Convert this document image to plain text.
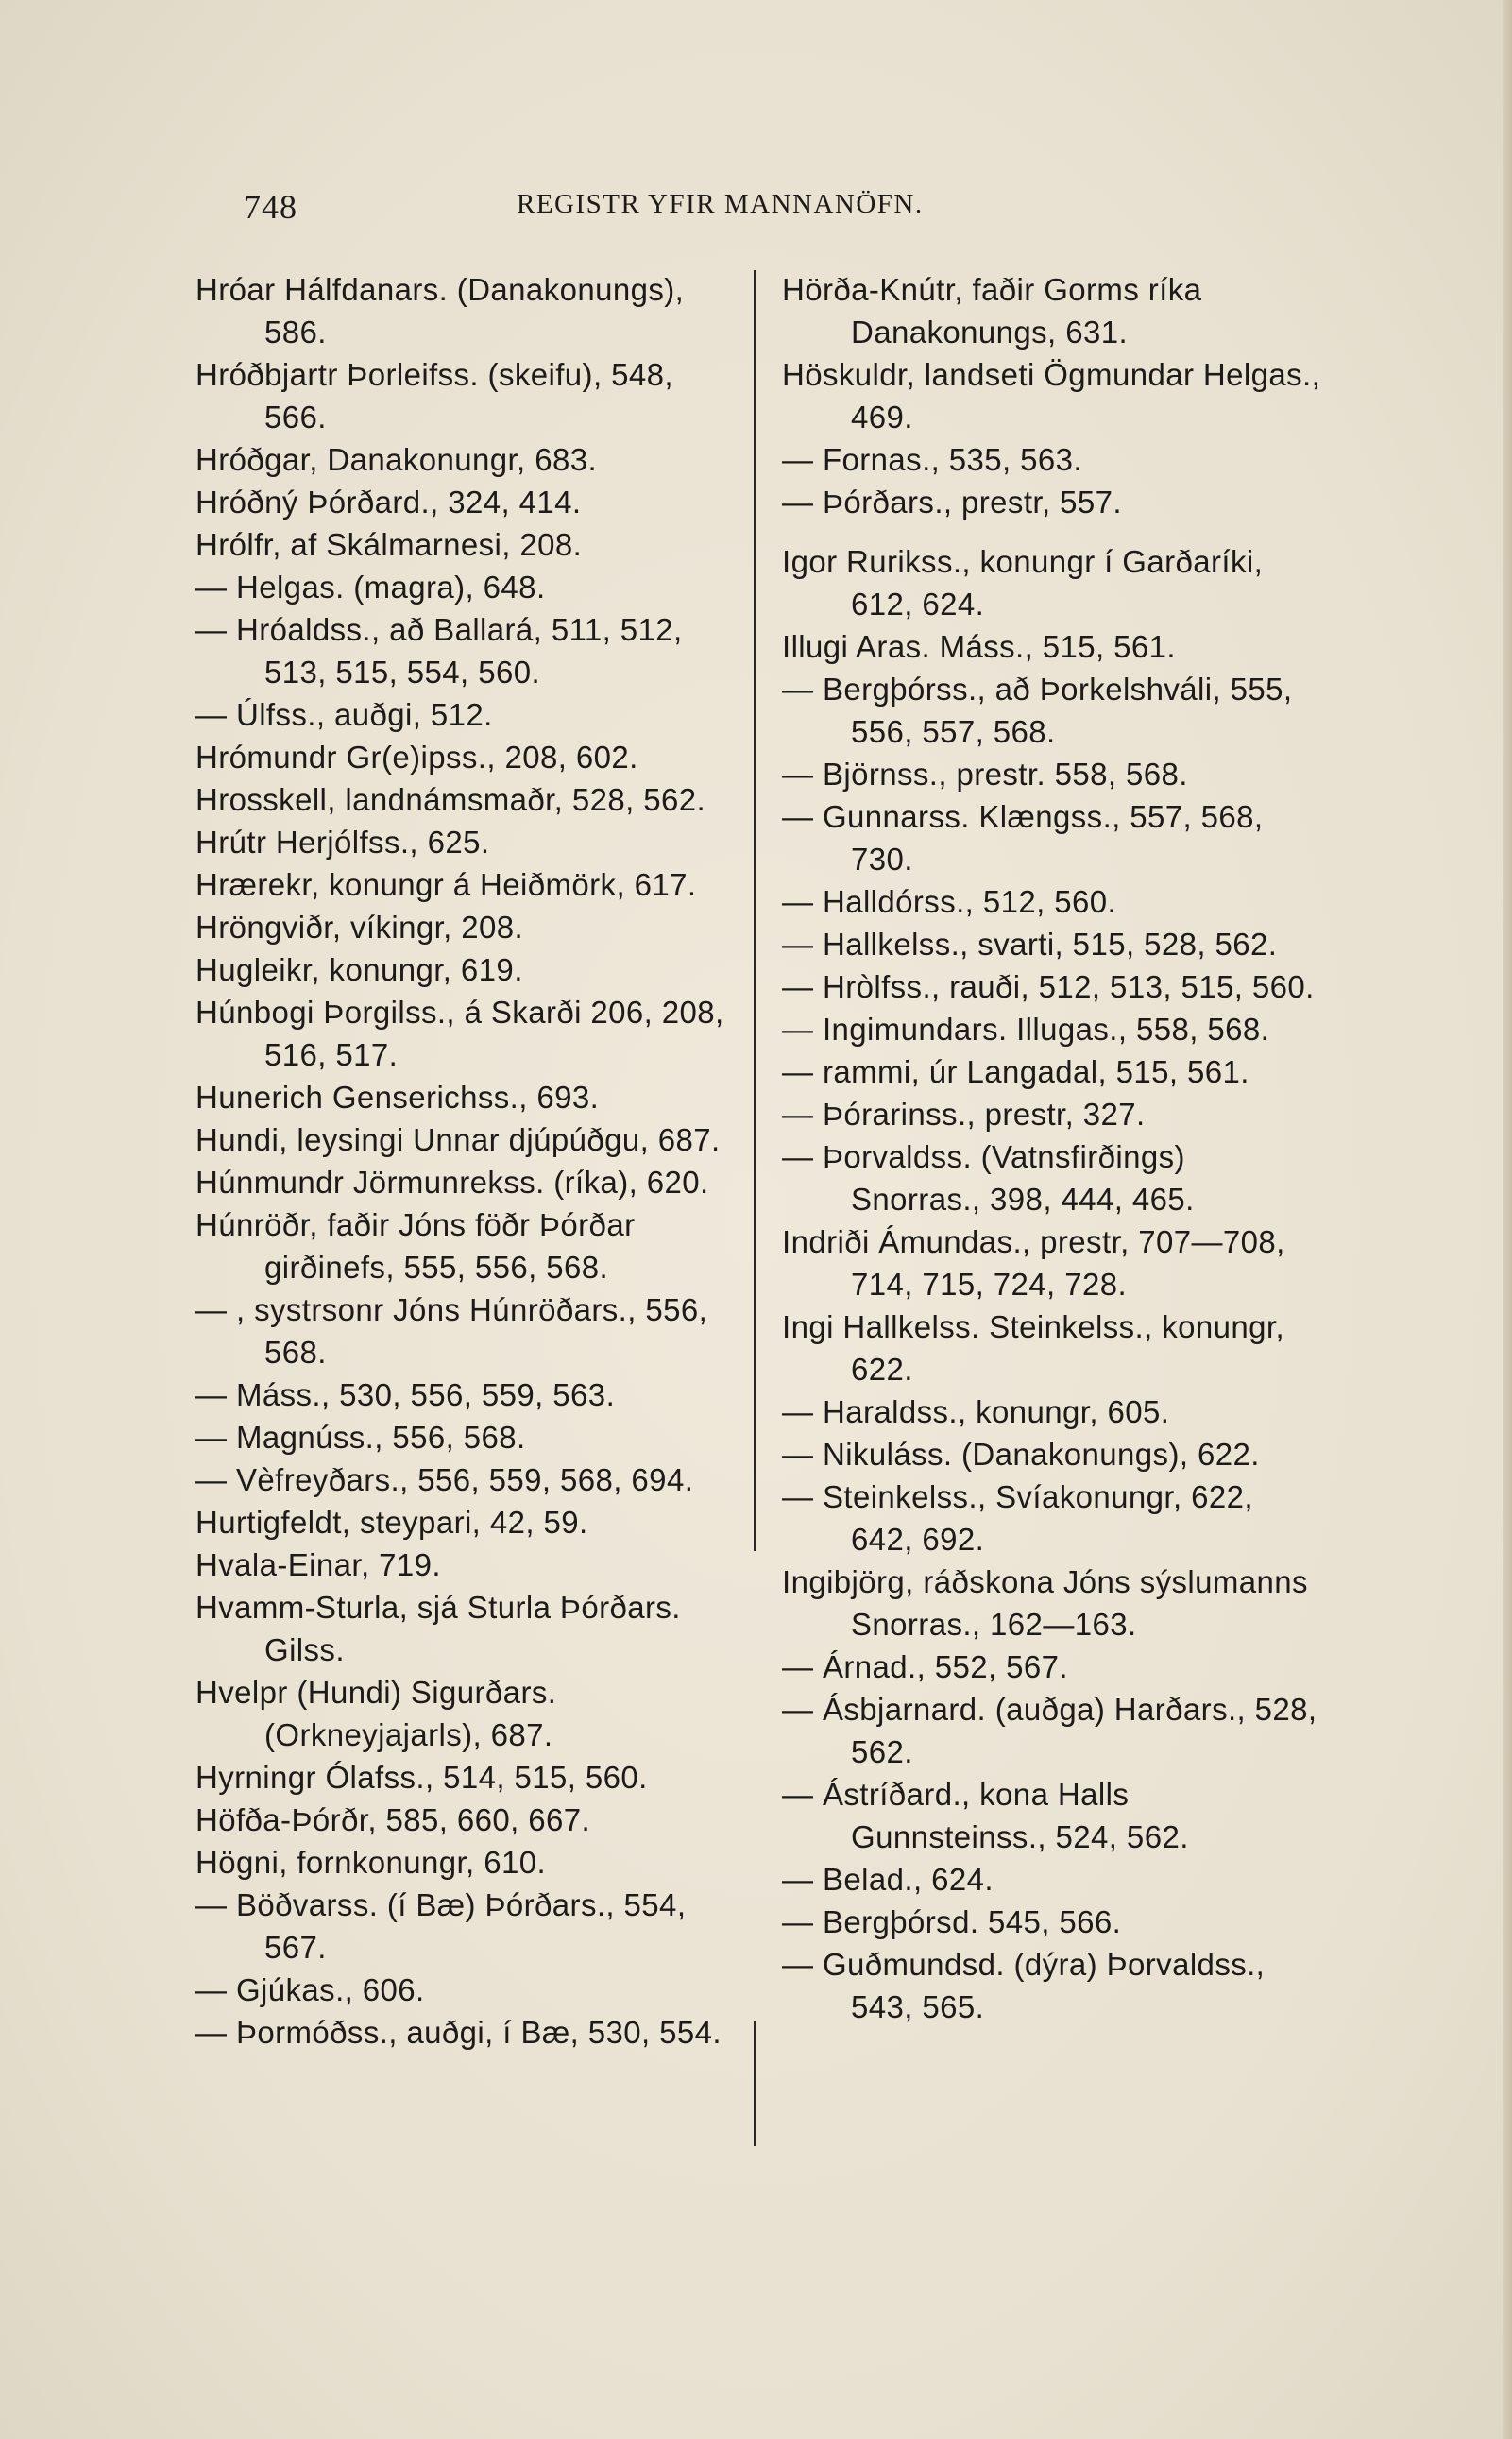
748	REGISTR YFIR MANNANÖFN.
Hróar Hálfdanars. (Danakonungs), 586.
Hróðbjartr Þorleifss. (skeifu), 548, 566.
Hróðgar, Danakonungr, 683.
Hróðný Þórðard., 324, 414.
Hrólfr, af Skálmarnesi, 208.
— Helgas. (magra), 648.
— Hróaldss., að Ballará, 511, 512, 513, 515, 554, 560.
— Úlfss., auðgi, 512.
Hrómundr Gr(e)ipss., 208, 602.
Hrosskell, landnámsmaðr, 528, 562.
Hrútr Herjólfss., 625.
Hrærekr, konungr á Heiðmörk, 617.
Hröngviðr, víkingr, 208.
Hugleikr, konungr, 619.
Húnbogi Þorgilss., á Skarði 206, 208, 516, 517.
Hunerich Genserichss., 693.
Hundi, leysingi Unnar djúpúðgu, 687.
Húnmundr Jörmunrekss. (ríka), 620.
Húnröðr, faðir Jóns föðr Þórðar girðinefs, 555, 556, 568.
— , systrsonr Jóns Húnröðars., 556, 568.
— Máss., 530, 556, 559, 563.
— Magnúss., 556, 568.
— Vèfreyðars., 556, 559, 568, 694.
Hurtigfeldt, steypari, 42, 59.
Hvala-Einar, 719.
Hvamm-Sturla, sjá Sturla Þórðars. Gilss.
Hvelpr (Hundi) Sigurðars. (Orkneyjajarls), 687.
Hyrningr Ólafss., 514, 515, 560.
Höfða-Þórðr, 585, 660, 667.
Högni, fornkonungr, 610.
— Böðvarss. (í Bæ) Þórðars., 554, 567.
— Gjúkas., 606.
— Þormóðss., auðgi, í Bæ, 530, 554.
Hörða-Knútr, faðir Gorms ríka Danakonungs, 631.
Höskuldr, landseti Ögmundar Helgas., 469.
— Fornas., 535, 563.
— Þórðars., prestr, 557.
Igor Rurikss., konungr í Garðaríki, 612, 624.
Illugi Aras. Máss., 515, 561.
— Bergþórss., að Þorkelshváli, 555, 556, 557, 568.
— Björnss., prestr. 558, 568.
— Gunnarss. Klængss., 557, 568, 730.
— Halldórss., 512, 560.
— Hallkelss., svarti, 515, 528, 562.
— Hròlfss., rauði, 512, 513, 515, 560.
— Ingimundars. Illugas., 558, 568.
— rammi, úr Langadal, 515, 561.
— Þórarinss., prestr, 327.
— Þorvaldss. (Vatnsfirðings) Snorras., 398, 444, 465.
Indriði Ámundas., prestr, 707—708, 714, 715, 724, 728.
Ingi Hallkelss. Steinkelss., konungr, 622.
— Haraldss., konungr, 605.
— Nikuláss. (Danakonungs), 622.
— Steinkelss., Svíakonungr, 622, 642, 692.
Ingibjörg, ráðskona Jóns sýslumanns Snorras., 162—163.
— Árnad., 552, 567.
— Ásbjarnard. (auðga) Harðars., 528, 562.
— Ástríðard., kona Halls Gunnsteinss., 524, 562.
— Belad., 624.
— Bergþórsd. 545, 566.
— Guðmundsd. (dýra) Þorvaldss., 543, 565.
